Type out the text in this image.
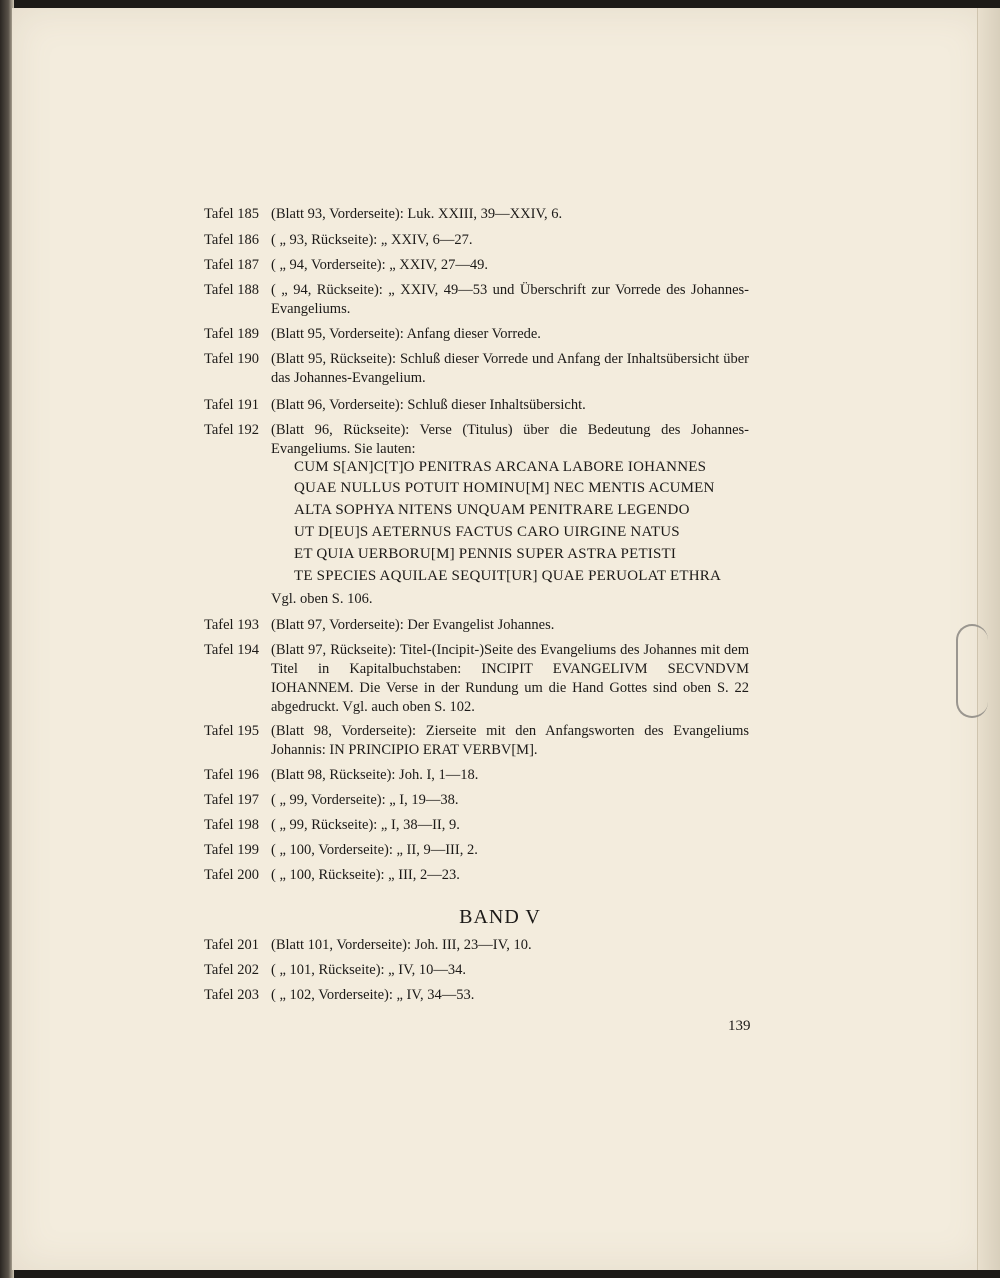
Tafel 185 (Blatt 93, Vorderseite): Luk. XXIII, 39—XXIV, 6.
Tafel 186 ( „ 93, Rückseite): „ XXIV, 6—27.
Tafel 187 ( „ 94, Vorderseite): „ XXIV, 27—49.
Tafel 188 ( „ 94, Rückseite): „ XXIV, 49—53 und Überschrift zur Vorrede des Johannes-Evangeliums.
Tafel 189 (Blatt 95, Vorderseite): Anfang dieser Vorrede.
Tafel 190 (Blatt 95, Rückseite): Schluß dieser Vorrede und Anfang der Inhaltsübersicht über das Johannes-Evangelium.
Tafel 191 (Blatt 96, Vorderseite): Schluß dieser Inhaltsübersicht.
Tafel 192 (Blatt 96, Rückseite): Verse (Titulus) über die Bedeutung des Johannes-Evangeliums. Sie lauten:
CUM S[AN]C[T]O PENITRAS ARCANA LABORE IOHANNES
QUAE NULLUS POTUIT HOMINU[M] NEC MENTIS ACUMEN
ALTA SOPHYA NITENS UNQUAM PENITRARE LEGENDO
UT D[EU]S AETERNUS FACTUS CARO UIRGINE NATUS
ET QUIA UERBORU[M] PENNIS SUPER ASTRA PETISTI
TE SPECIES AQUILAE SEQUIT[UR] QUAE PERUOLAT ETHRA
Vgl. oben S. 106.
Tafel 193 (Blatt 97, Vorderseite): Der Evangelist Johannes.
Tafel 194 (Blatt 97, Rückseite): Titel-(Incipit-)Seite des Evangeliums des Johannes mit dem Titel in Kapitalbuchstaben: INCIPIT EVANGELIVM SECVNDVM IOHANNEM. Die Verse in der Rundung um die Hand Gottes sind oben S. 22 abgedruckt. Vgl. auch oben S. 102.
Tafel 195 (Blatt 98, Vorderseite): Zierseite mit den Anfangsworten des Evangeliums Johannis: IN PRINCIPIO ERAT VERBV[M].
Tafel 196 (Blatt 98, Rückseite): Joh. I, 1—18.
Tafel 197 ( „ 99, Vorderseite): „ I, 19—38.
Tafel 198 ( „ 99, Rückseite): „ I, 38—II, 9.
Tafel 199 ( „ 100, Vorderseite): „ II, 9—III, 2.
Tafel 200 ( „ 100, Rückseite): „ III, 2—23.
BAND V
Tafel 201 (Blatt 101, Vorderseite): Joh. III, 23—IV, 10.
Tafel 202 ( „ 101, Rückseite): „ IV, 10—34.
Tafel 203 ( „ 102, Vorderseite): „ IV, 34—53.
139
